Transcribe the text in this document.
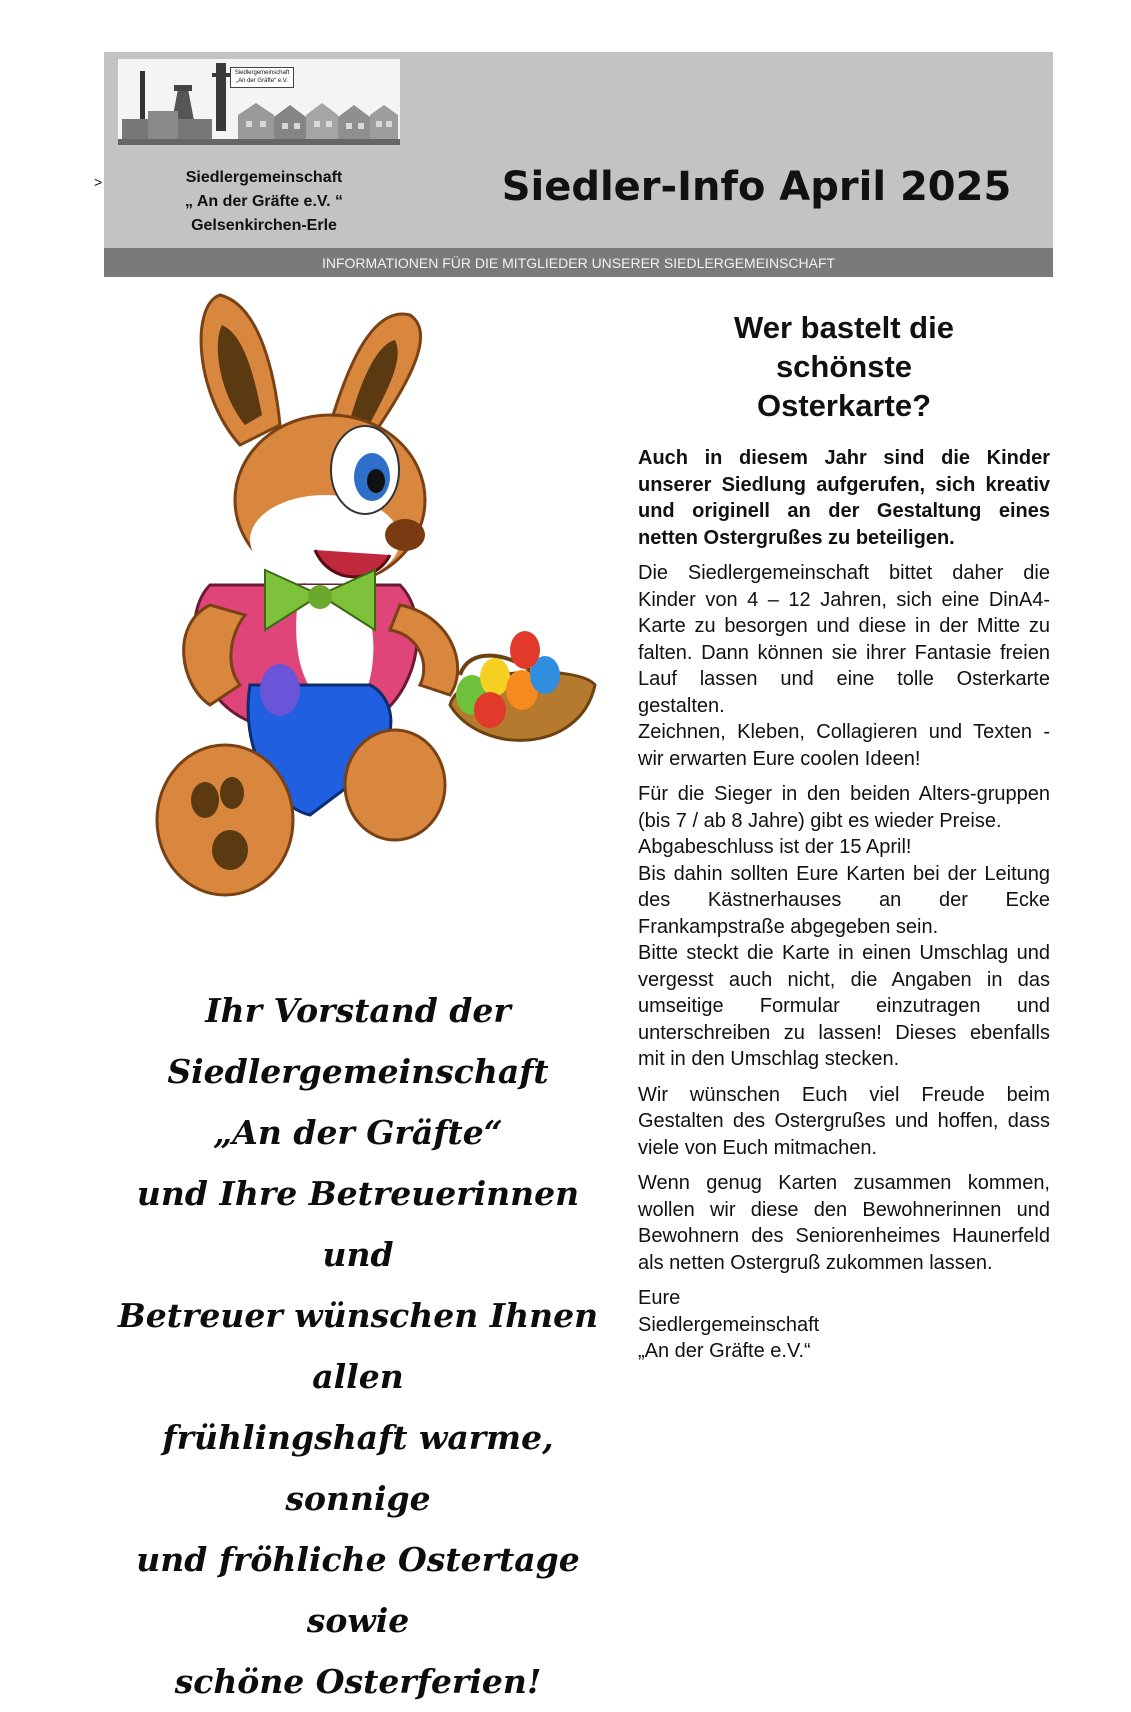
>
Siedlergemeinschaft „An der Gräfte“ e.V.
Siedlergemeinschaft
„ An der Gräfte e.V. “
Gelsenkirchen-Erle
Siedler-Info April 2025
INFORMATIONEN FÜR DIE MITGLIEDER UNSERER SIEDLERGEMEINSCHAFT
Ihr Vorstand der
Siedlergemeinschaft
„An der Gräfte“
und Ihre Betreuerinnen und
Betreuer wünschen Ihnen allen
frühlingshaft warme, sonnige
und fröhliche Ostertage sowie
schöne Osterferien!
Wer bastelt die
schönste
Osterkarte?

Auch in diesem Jahr sind die Kinder unserer Siedlung aufgerufen, sich kreativ und originell an der Gestaltung eines netten Ostergrußes zu beteiligen.

Die Siedlergemeinschaft bittet daher die Kinder von 4 – 12 Jahren, sich eine DinA4-Karte zu besorgen und diese in der Mitte zu falten. Dann können sie ihrer Fantasie freien Lauf lassen und eine tolle Osterkarte gestalten.

Zeichnen, Kleben, Collagieren und Texten - wir erwarten Eure coolen Ideen!

Für die Sieger in den beiden Alters-gruppen (bis 7 / ab 8 Jahre) gibt es wieder Preise.

Abgabeschluss ist der 15 April!

Bis dahin sollten Eure Karten bei der Leitung des Kästnerhauses an der Ecke Frankampstraße abgegeben sein.

Bitte steckt die Karte in einen Umschlag und vergesst auch nicht, die Angaben in das umseitige Formular einzutragen und unterschreiben zu lassen! Dieses ebenfalls mit in den Umschlag stecken.

Wir wünschen Euch viel Freude beim Gestalten des Ostergrußes und hoffen, dass viele von Euch mitmachen.

Wenn genug Karten zusammen kommen, wollen wir diese den Bewohnerinnen und Bewohnern des Seniorenheimes Haunerfeld als netten Ostergruß zukommen lassen.

Eure

Siedlergemeinschaft

„An der Gräfte e.V.“
